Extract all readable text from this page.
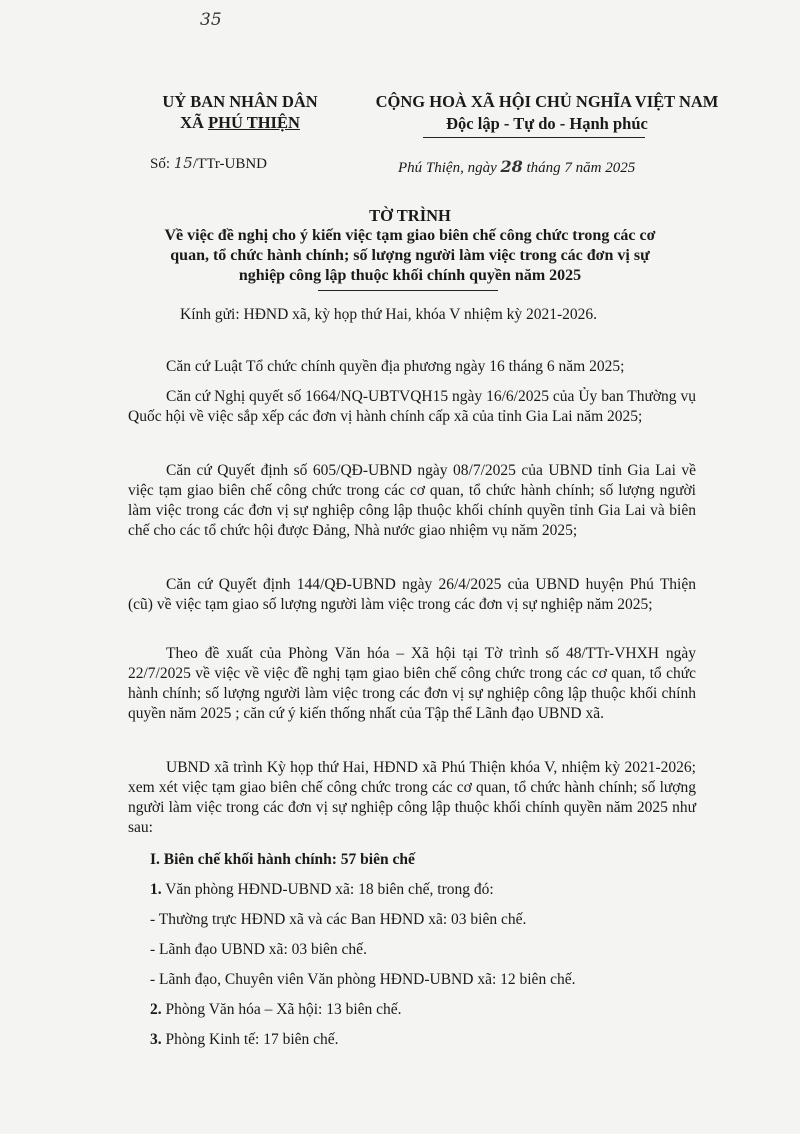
35
UỶ BAN NHÂN DÂN
XÃ PHÚ THIỆN
Số: 15/TTr-UBND
CỘNG HOÀ XÃ HỘI CHỦ NGHĨA VIỆT NAM
Độc lập - Tự do - Hạnh phúc
Phú Thiện, ngày 28 tháng 7 năm 2025
TỜ TRÌNH
Về việc đề nghị cho ý kiến việc tạm giao biên chế công chức trong các cơ
quan, tổ chức hành chính; số lượng người làm việc trong các đơn vị sự
nghiệp công lập thuộc khối chính quyền năm 2025
Kính gửi: HĐND xã, kỳ họp thứ Hai, khóa V nhiệm kỳ 2021-2026.

Căn cứ Luật Tổ chức chính quyền địa phương ngày 16 tháng 6 năm 2025;

Căn cứ Nghị quyết số 1664/NQ-UBTVQH15 ngày 16/6/2025 của Ủy ban Thường vụ Quốc hội về việc sắp xếp các đơn vị hành chính cấp xã của tỉnh Gia Lai năm 2025;

Căn cứ Quyết định số 605/QĐ-UBND ngày 08/7/2025 của UBND tỉnh Gia Lai về việc tạm giao biên chế công chức trong các cơ quan, tổ chức hành chính; số lượng người làm việc trong các đơn vị sự nghiệp công lập thuộc khối chính quyền tỉnh Gia Lai và biên chế cho các tổ chức hội được Đảng, Nhà nước giao nhiệm vụ năm 2025;

Căn cứ Quyết định 144/QĐ-UBND ngày 26/4/2025 của UBND huyện Phú Thiện (cũ) về việc tạm giao số lượng người làm việc trong các đơn vị sự nghiệp năm 2025;

Theo đề xuất của Phòng Văn hóa – Xã hội tại Tờ trình số 48/TTr-VHXH ngày 22/7/2025 về việc về việc đề nghị tạm giao biên chế công chức trong các cơ quan, tổ chức hành chính; số lượng người làm việc trong các đơn vị sự nghiệp công lập thuộc khối chính quyền năm 2025 ; căn cứ ý kiến thống nhất của Tập thể Lãnh đạo UBND xã.

UBND xã trình Kỳ họp thứ Hai, HĐND xã Phú Thiện khóa V, nhiệm kỳ 2021-2026; xem xét việc tạm giao biên chế công chức trong các cơ quan, tổ chức hành chính; số lượng người làm việc trong các đơn vị sự nghiệp công lập thuộc khối chính quyền năm 2025 như sau:

I. Biên chế khối hành chính: 57 biên chế
1. Văn phòng HĐND-UBND xã: 18 biên chế, trong đó:
- Thường trực HĐND xã và các Ban HĐND xã: 03 biên chế.
- Lãnh đạo UBND xã: 03 biên chế.
- Lãnh đạo, Chuyên viên Văn phòng HĐND-UBND xã: 12 biên chế.
2. Phòng Văn hóa – Xã hội: 13 biên chế.
3. Phòng Kinh tế: 17 biên chế.
